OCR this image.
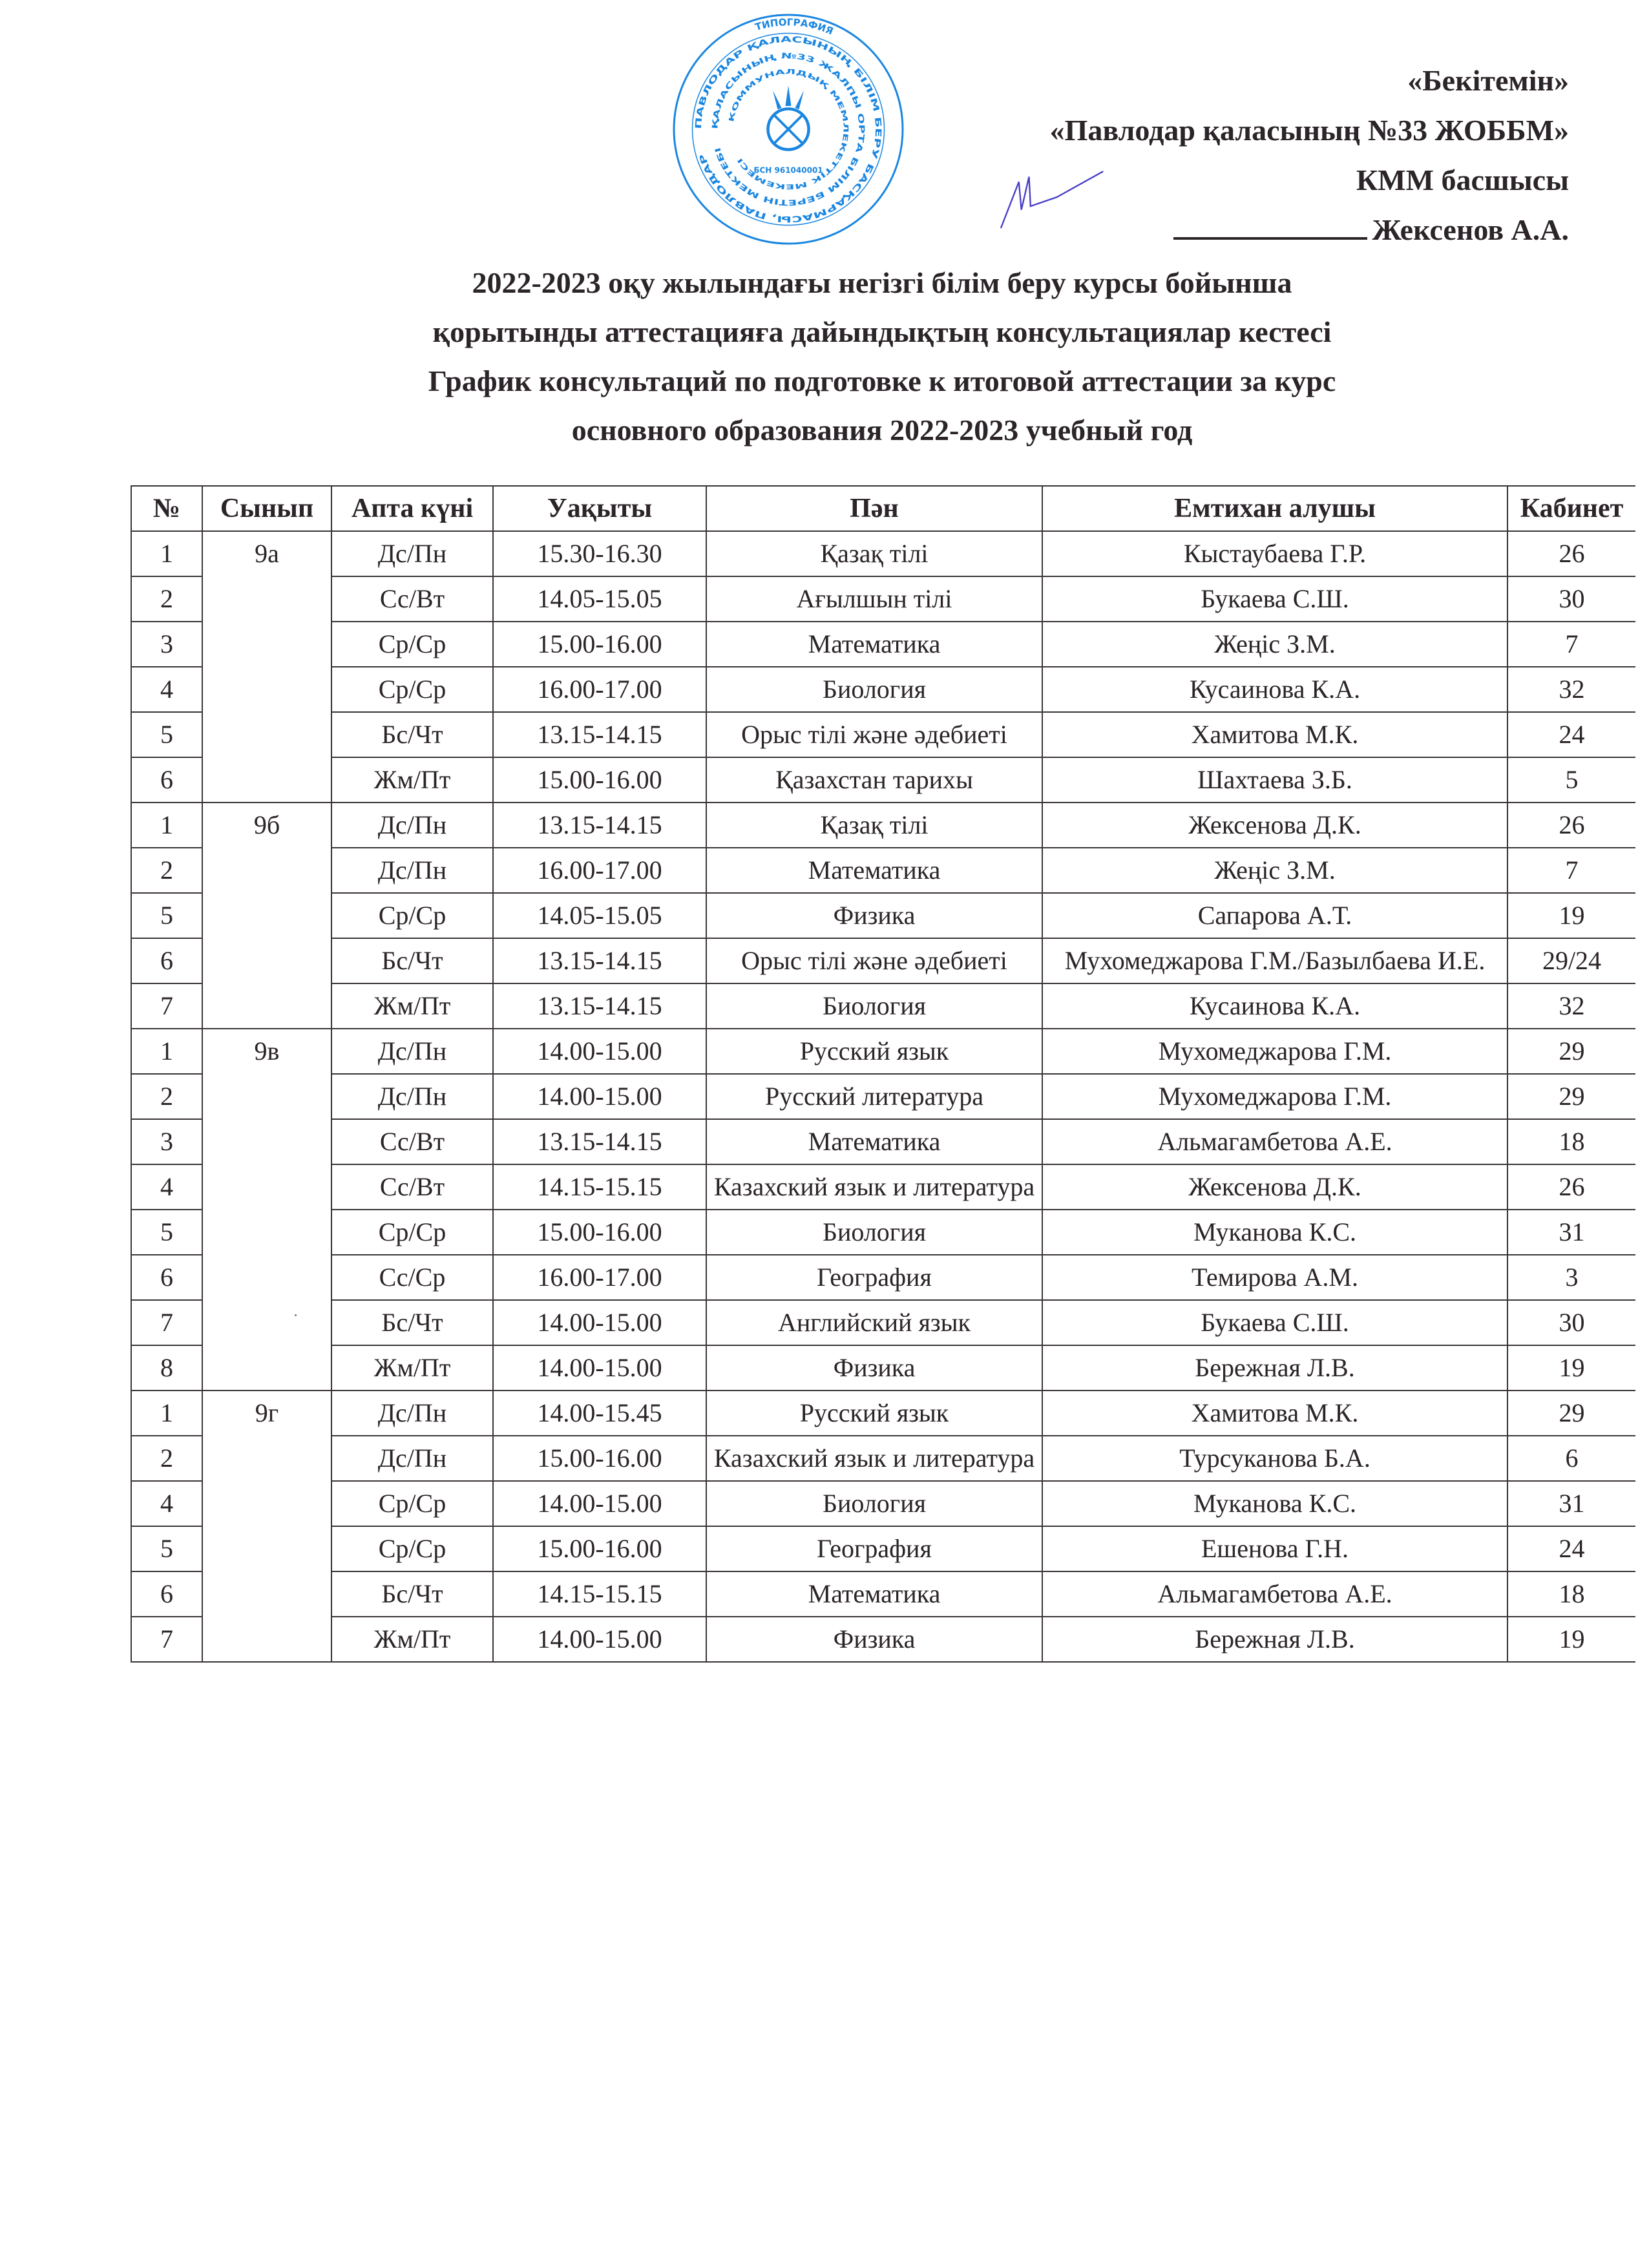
ТИПОГРАФИЯ
ПАВЛОДАР ҚАЛАСЫНЫҢ БІЛІМ БЕРУ БАСҚАРМАСЫ, ПАВЛОДАР
ҚАЛАСЫНЫҢ №33 ЖАЛПЫ ОРТА БІЛІМ БЕРЕТІН МЕКТЕБІ
КОММУНАЛДЫҚ МЕМЛЕКЕТТІК МЕКЕМЕСІ
БСН 961040001
«Бекітемін»
«Павлодар қаласының №33 ЖОББМ»
КММ басшысы
Жексенов А.А.
2022-2023 оқу жылындағы негізгі білім беру курсы бойынша
қорытынды аттестацияға дайындықтың консультациялар кестесі
График консультаций по подготовке к итоговой аттестации за курс
основного образования 2022-2023 учебный год
№	Сынып	Апта күні	Уақыты	Пән	Емтихан алушы	Кабинет
1	9а	Дс/Пн	15.30-16.30	Қазақ тілі	Кыстаубаева Г.Р.	26
2		Сс/Вт	14.05-15.05	Ағылшын тілі	Букаева С.Ш.	30
3		Ср/Ср	15.00-16.00	Математика	Жеңіс З.М.	7
4		Ср/Ср	16.00-17.00	Биология	Кусаинова К.А.	32
5		Бс/Чт	13.15-14.15	Орыс тілі және әдебиеті	Хамитова М.К.	24
6		Жм/Пт	15.00-16.00	Қазахстан тарихы	Шахтаева З.Б.	5
1	9б	Дс/Пн	13.15-14.15	Қазақ тілі	Жексенова Д.К.	26
2		Дс/Пн	16.00-17.00	Математика	Жеңіс З.М.	7
5		Ср/Ср	14.05-15.05	Физика	Сапарова А.Т.	19
6		Бс/Чт	13.15-14.15	Орыс тілі және әдебиеті	Мухомеджарова Г.М./Базылбаева И.Е.	29/24
7		Жм/Пт	13.15-14.15	Биология	Кусаинова К.А.	32
1	9в	Дс/Пн	14.00-15.00	Русский язык	Мухомеджарова Г.М.	29
2		Дс/Пн	14.00-15.00	Русский литература	Мухомеджарова Г.М.	29
3		Сс/Вт	13.15-14.15	Математика	Альмагамбетова А.Е.	18
4		Сс/Вт	14.15-15.15	Казахский язык и литература	Жексенова Д.К.	26
5		Ср/Ср	15.00-16.00	Биология	Муканова К.С.	31
6		Сс/Ср	16.00-17.00	География	Темирова А.М.	3
7		Бс/Чт	14.00-15.00	Английский язык	Букаева С.Ш.	30
8		Жм/Пт	14.00-15.00	Физика	Бережная Л.В.	19
1	9г	Дс/Пн	14.00-15.45	Русский язык	Хамитова М.К.	29
2		Дс/Пн	15.00-16.00	Казахский язык и литература	Турсуканова Б.А.	6
4		Ср/Ср	14.00-15.00	Биология	Муканова К.С.	31
5		Ср/Ср	15.00-16.00	География	Ешенова Г.Н.	24
6		Бс/Чт	14.15-15.15	Математика	Альмагамбетова А.Е.	18
7		Жм/Пт	14.00-15.00	Физика	Бережная Л.В.	19
